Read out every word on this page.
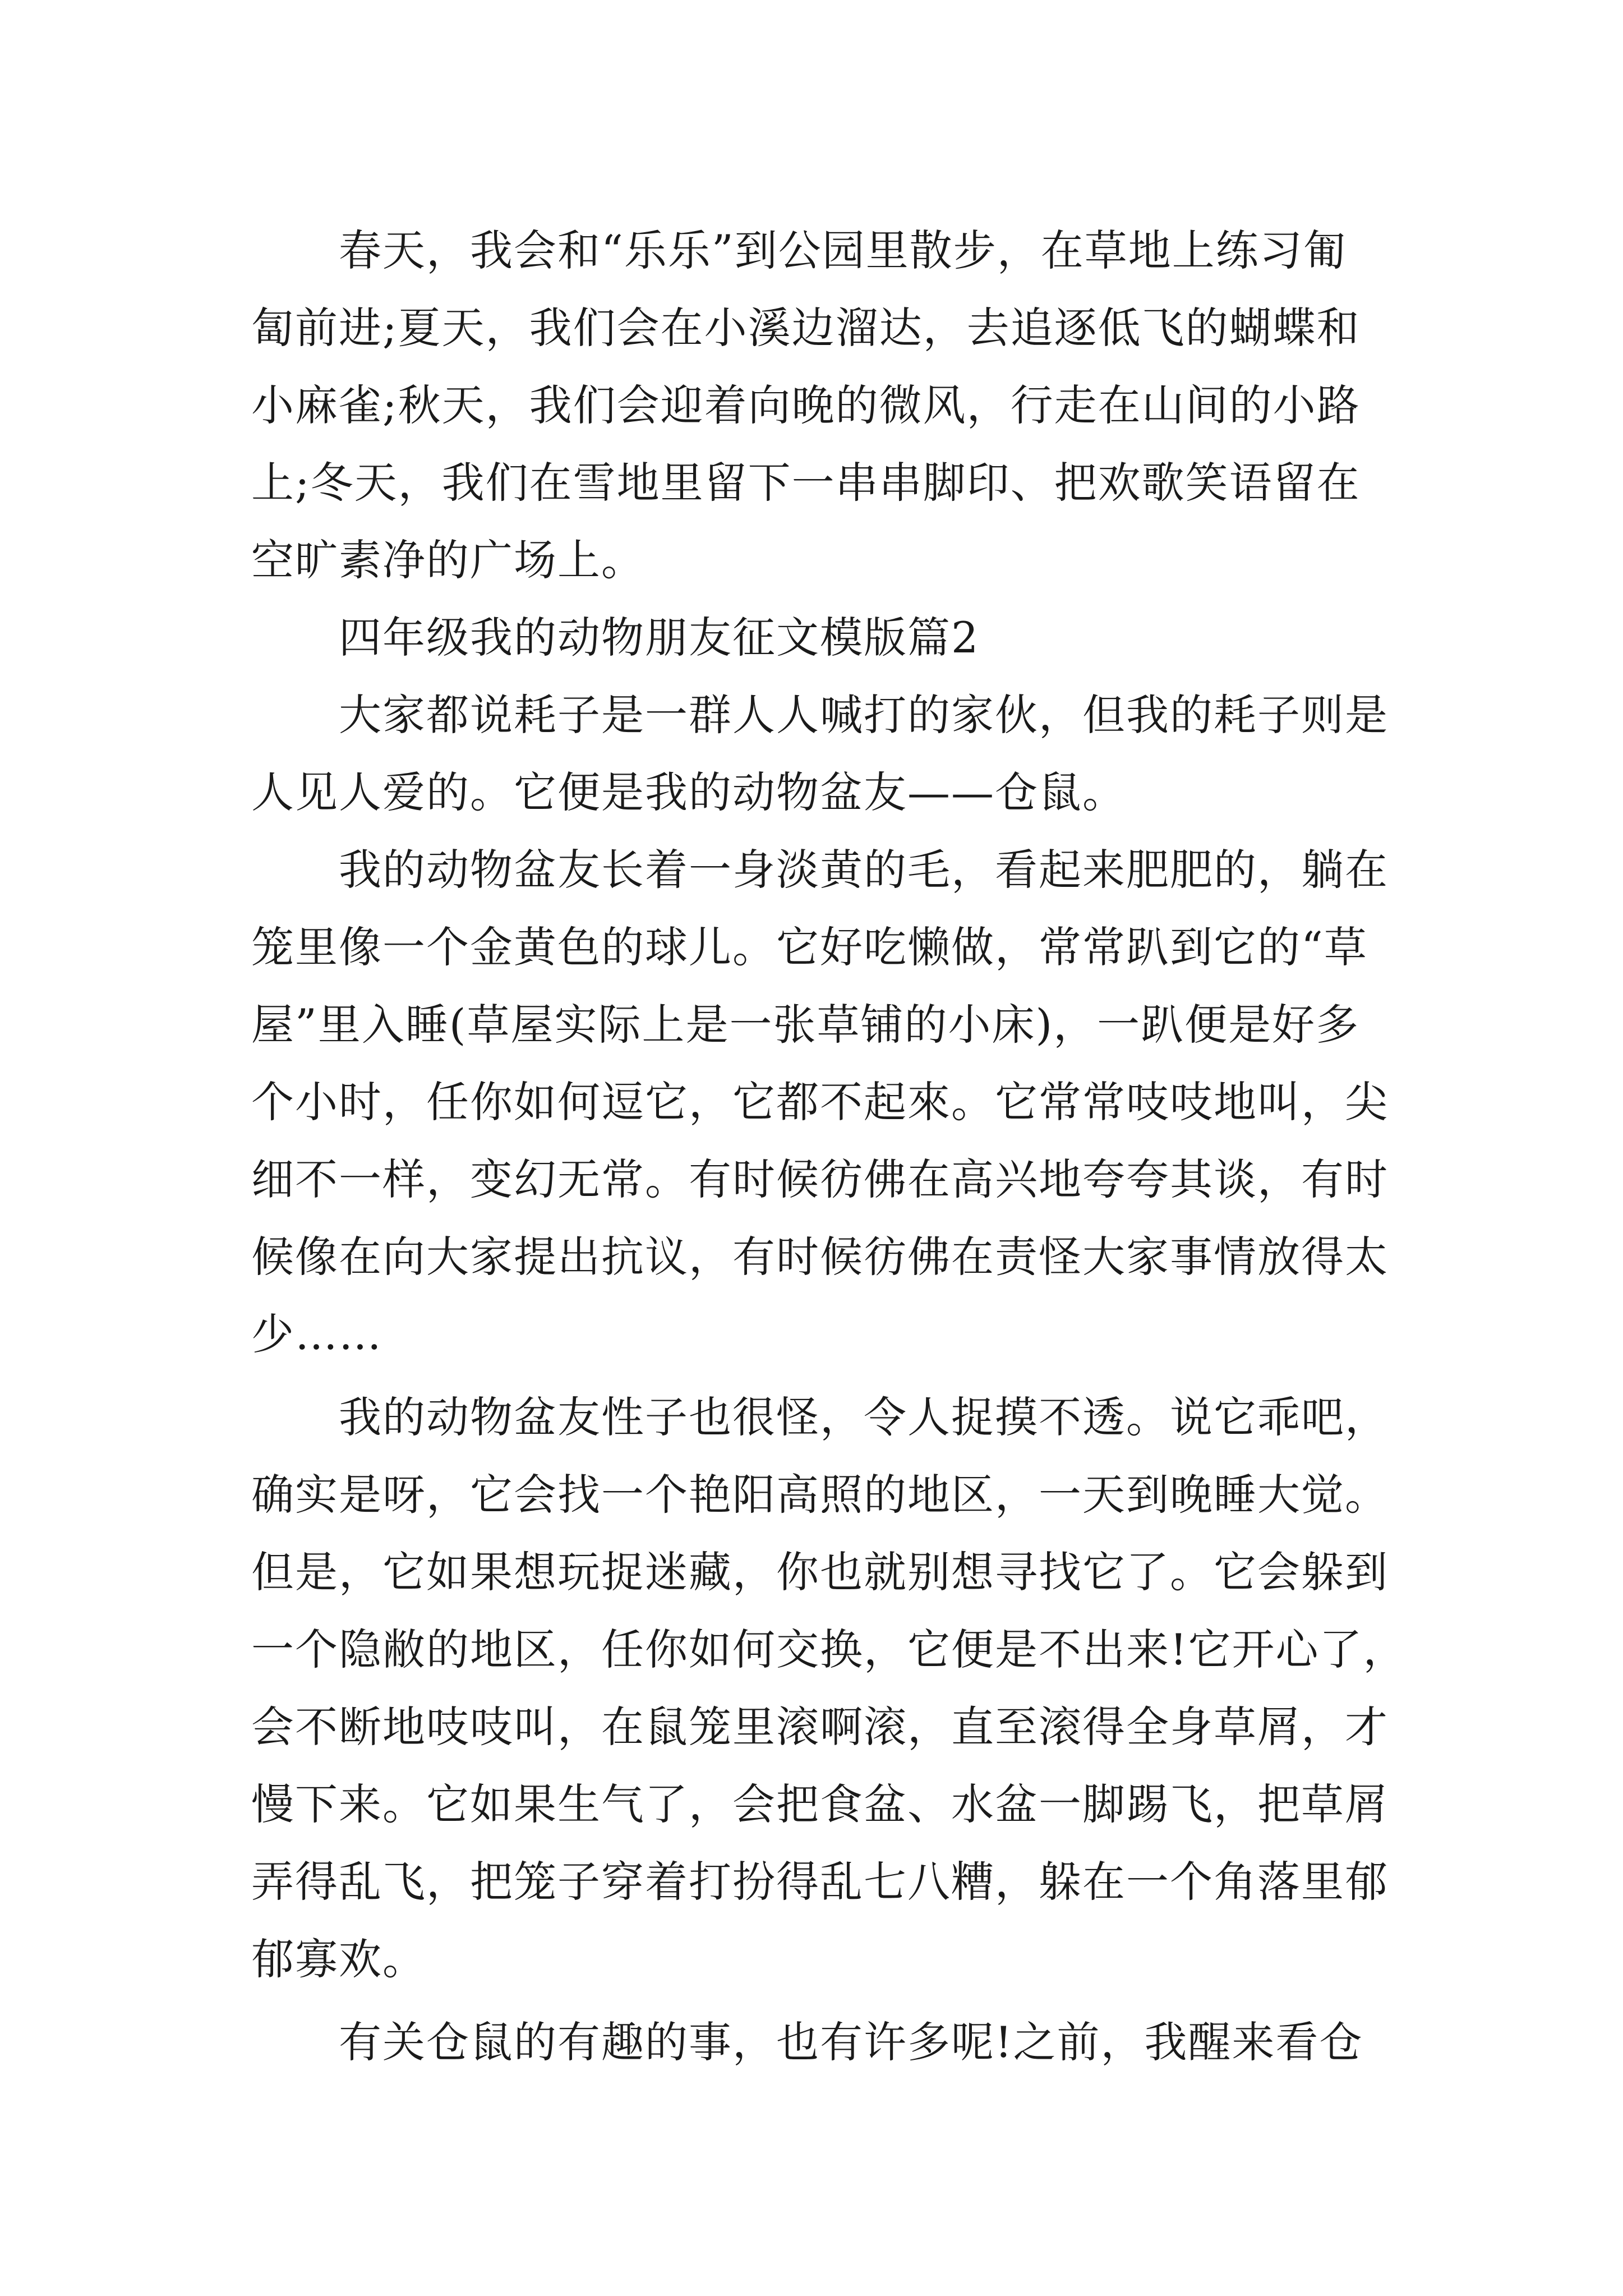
春天，我会和“乐乐”到公园里散步，在草地上练习匍
匐前进;夏天，我们会在小溪边溜达，去追逐低飞的蝴蝶和
小麻雀;秋天，我们会迎着向晚的微风，行走在山间的小路
上;冬天，我们在雪地里留下一串串脚印、把欢歌笑语留在
空旷素净的广场上。
四年级我的动物朋友征文模版篇2
大家都说耗子是一群人人喊打的家伙，但我的耗子则是
人见人爱的。它便是我的动物盆友——仓鼠。
我的动物盆友长着一身淡黄的毛，看起来肥肥的，躺在
笼里像一个金黄色的球儿。它好吃懒做，常常趴到它的“草
屋”里入睡(草屋实际上是一张草铺的小床)，一趴便是好多
个小时，任你如何逗它，它都不起來。它常常吱吱地叫，尖
细不一样，变幻无常。有时候彷佛在高兴地夸夸其谈，有时
候像在向大家提出抗议，有时候彷佛在责怪大家事情放得太
少……
我的动物盆友性子也很怪，令人捉摸不透。说它乖吧，
确实是呀，它会找一个艳阳高照的地区，一天到晚睡大觉。
但是，它如果想玩捉迷藏，你也就别想寻找它了。它会躲到
一个隐敝的地区，任你如何交换，它便是不出来!它开心了，
会不断地吱吱叫，在鼠笼里滚啊滚，直至滚得全身草屑，才
慢下来。它如果生气了，会把食盆、水盆一脚踢飞，把草屑
弄得乱飞，把笼子穿着打扮得乱七八糟，躲在一个角落里郁
郁寡欢。
有关仓鼠的有趣的事，也有许多呢!之前，我醒来看仓
